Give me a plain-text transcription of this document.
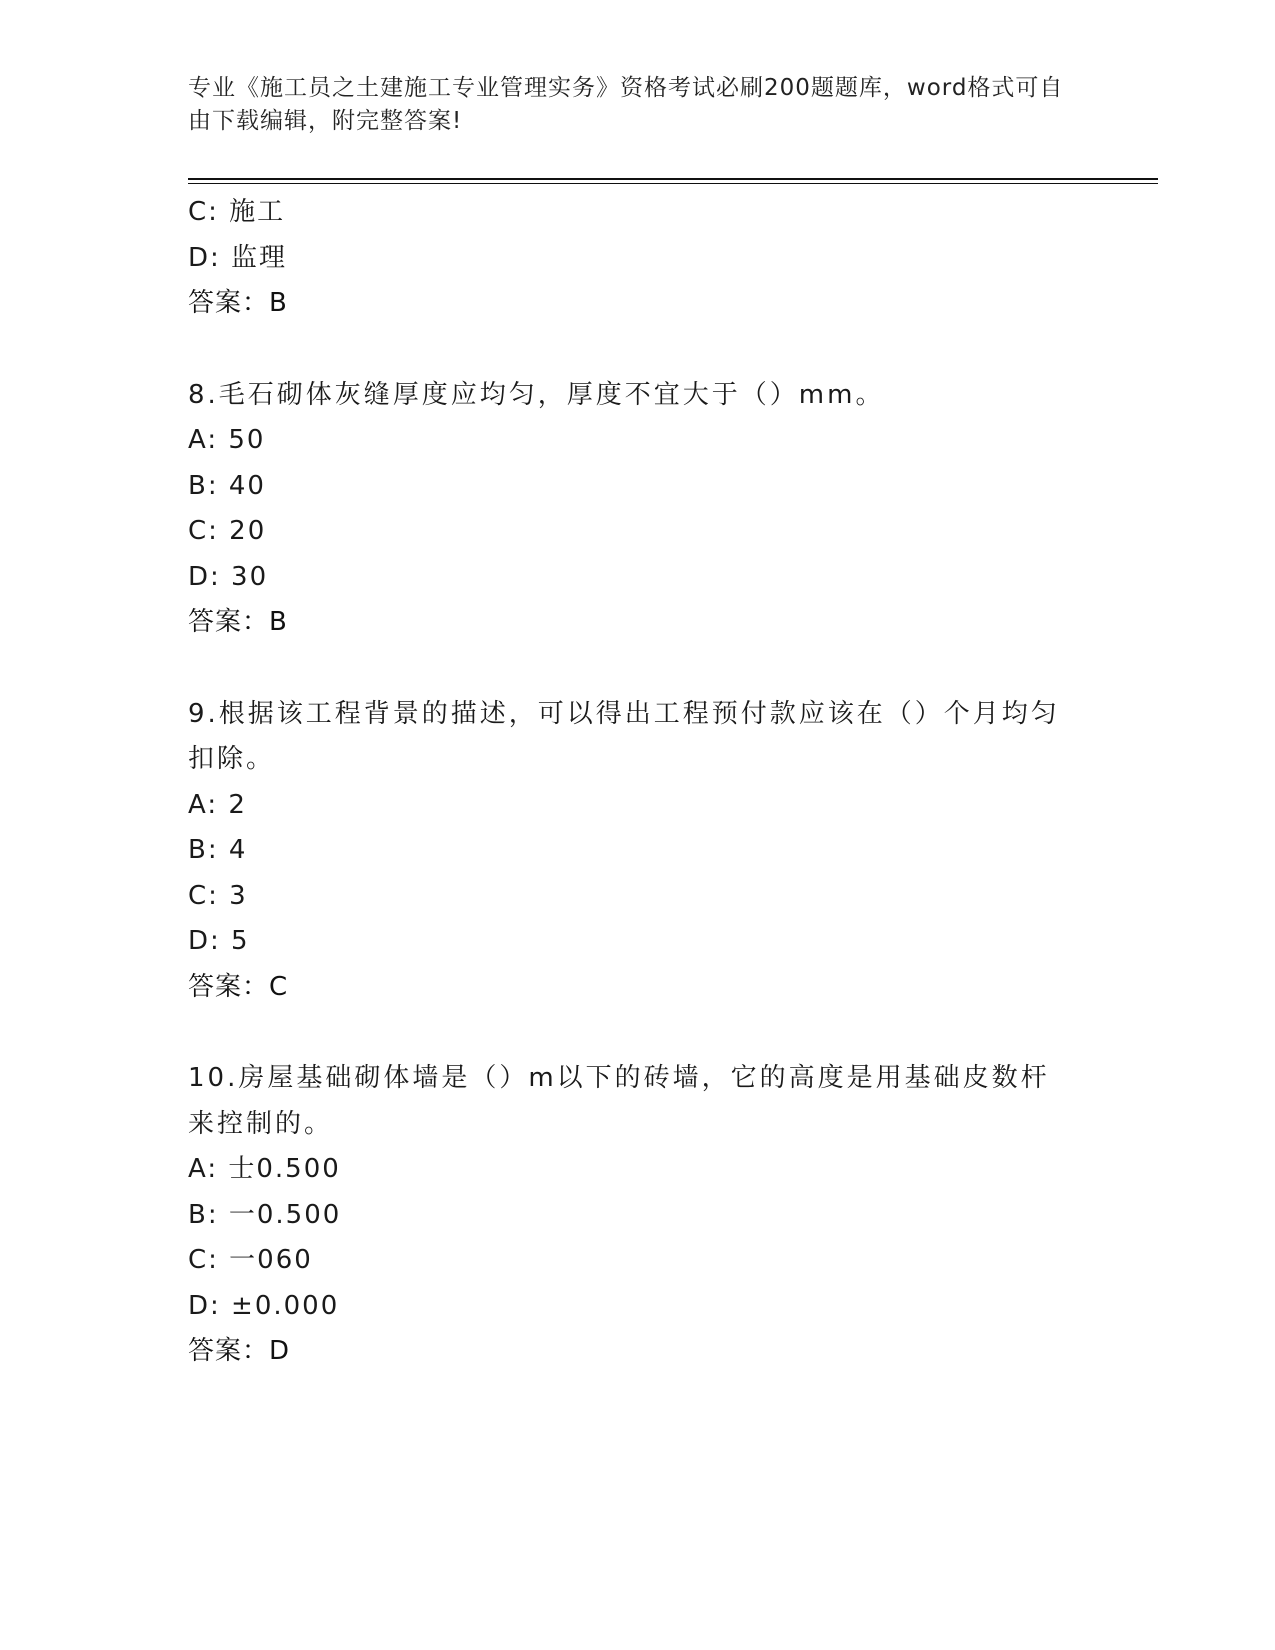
专业《施工员之土建施工专业管理实务》资格考试必刷200题题库，word格式可自由下载编辑，附完整答案!
C: 施工
D: 监理
答案：B
8.毛石砌体灰缝厚度应均匀，厚度不宜大于（）mm。
A: 50
B: 40
C: 20
D: 30
答案：B
9.根据该工程背景的描述，可以得出工程预付款应该在（）个月均匀扣除。
A: 2
B: 4
C: 3
D: 5
答案：C
10.房屋基础砌体墙是（）m以下的砖墙，它的高度是用基础皮数杆来控制的。
A: 士0.500
B: 一0.500
C: 一060
D: ±0.000
答案：D
